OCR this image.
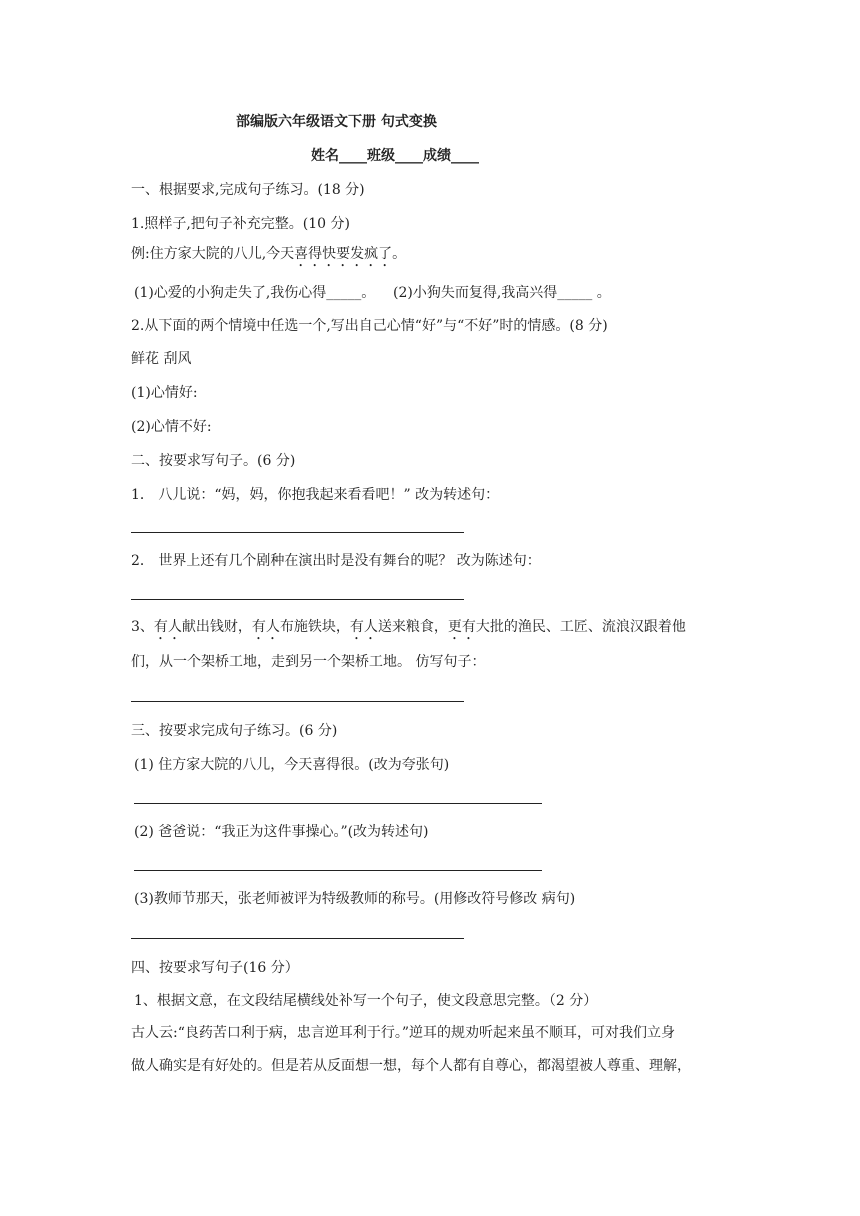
部编版六年级语文下册 句式变换
姓名____班级____成绩____
一、根据要求,完成句子练习。(18 分)
1.照样子,把句子补充完整。(10 分)
例:住方家大院的八儿,今天喜得快要发疯了。
(1)心爱的小狗走失了,我伤心得_____。 (2)小狗失而复得,我高兴得_____ 。
2.从下面的两个情境中任选一个,写出自己心情“好”与“不好”时的情感。(8 分)
鲜花 刮风
(1)心情好:
(2)心情不好:
二、按要求写句子。(6 分)
1． 八儿说：“妈，妈，你抱我起来看看吧！” 改为转述句：
2． 世界上还有几个剧种在演出时是没有舞台的呢？ 改为陈述句：
3、有人献出钱财，有人布施铁块，有人送来粮食，更有大批的渔民、工匠、流浪汉跟着他
们，从一个架桥工地，走到另一个架桥工地。 仿写句子：
三、按要求完成句子练习。(6 分)
(1) 住方家大院的八儿，今天喜得很。(改为夸张句)
(2) 爸爸说：“我正为这件事操心。”(改为转述句)
(3)教师节那天，张老师被评为特级教师的称号。(用修改符号修改 病句)
四、按要求写句子(16 分）
1、根据文意，在文段结尾横线处补写一个句子，使文段意思完整。（2 分）
古人云:“良药苦口利于病，忠言逆耳利于行。”逆耳的规劝听起来虽不顺耳，可对我们立身
做人确实是有好处的。但是若从反面想一想，每个人都有自尊心，都渴望被人尊重、理解，
